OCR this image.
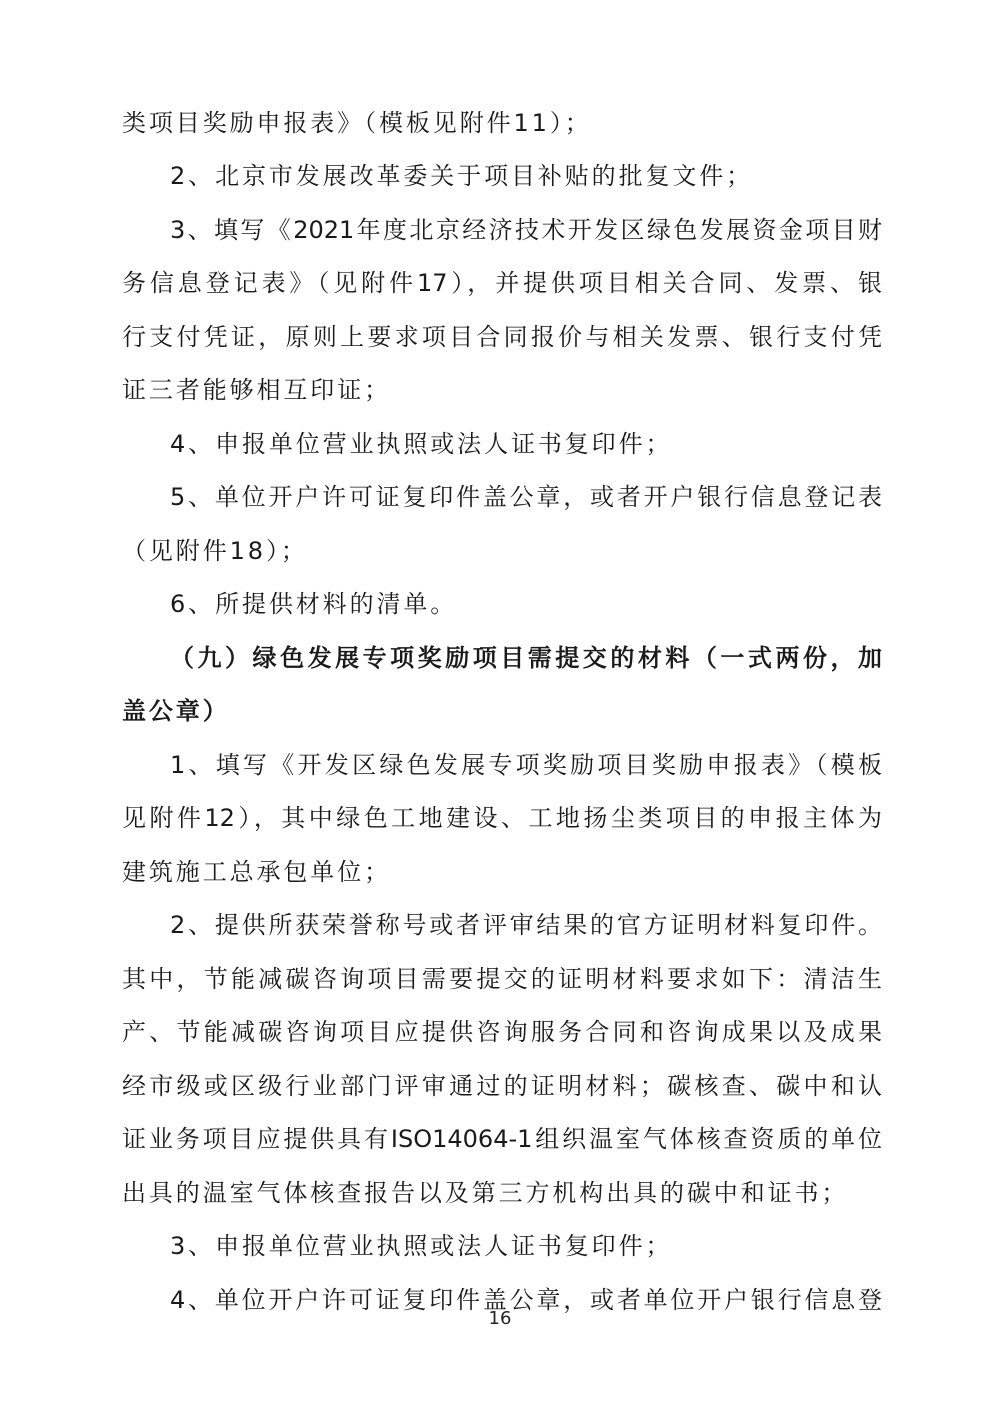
类项目奖励申报表》（模板见附件11）；
2、北京市发展改革委关于项目补贴的批复文件；
3、填写《2021年度北京经济技术开发区绿色发展资金项目财
务信息登记表》（见附件17），并提供项目相关合同、发票、银
行支付凭证，原则上要求项目合同报价与相关发票、银行支付凭
证三者能够相互印证；
4、申报单位营业执照或法人证书复印件；
5、单位开户许可证复印件盖公章，或者开户银行信息登记表
（见附件18）；
6、所提供材料的清单。
（九）绿色发展专项奖励项目需提交的材料（一式两份，加
盖公章）
1、填写《开发区绿色发展专项奖励项目奖励申报表》（模板
见附件12），其中绿色工地建设、工地扬尘类项目的申报主体为
建筑施工总承包单位；
2、提供所获荣誉称号或者评审结果的官方证明材料复印件。
其中，节能减碳咨询项目需要提交的证明材料要求如下：清洁生
产、节能减碳咨询项目应提供咨询服务合同和咨询成果以及成果
经市级或区级行业部门评审通过的证明材料；碳核查、碳中和认
证业务项目应提供具有ISO14064-1组织温室气体核查资质的单位
出具的温室气体核查报告以及第三方机构出具的碳中和证书；
3、申报单位营业执照或法人证书复印件；
4、单位开户许可证复印件盖公章，或者单位开户银行信息登
16
